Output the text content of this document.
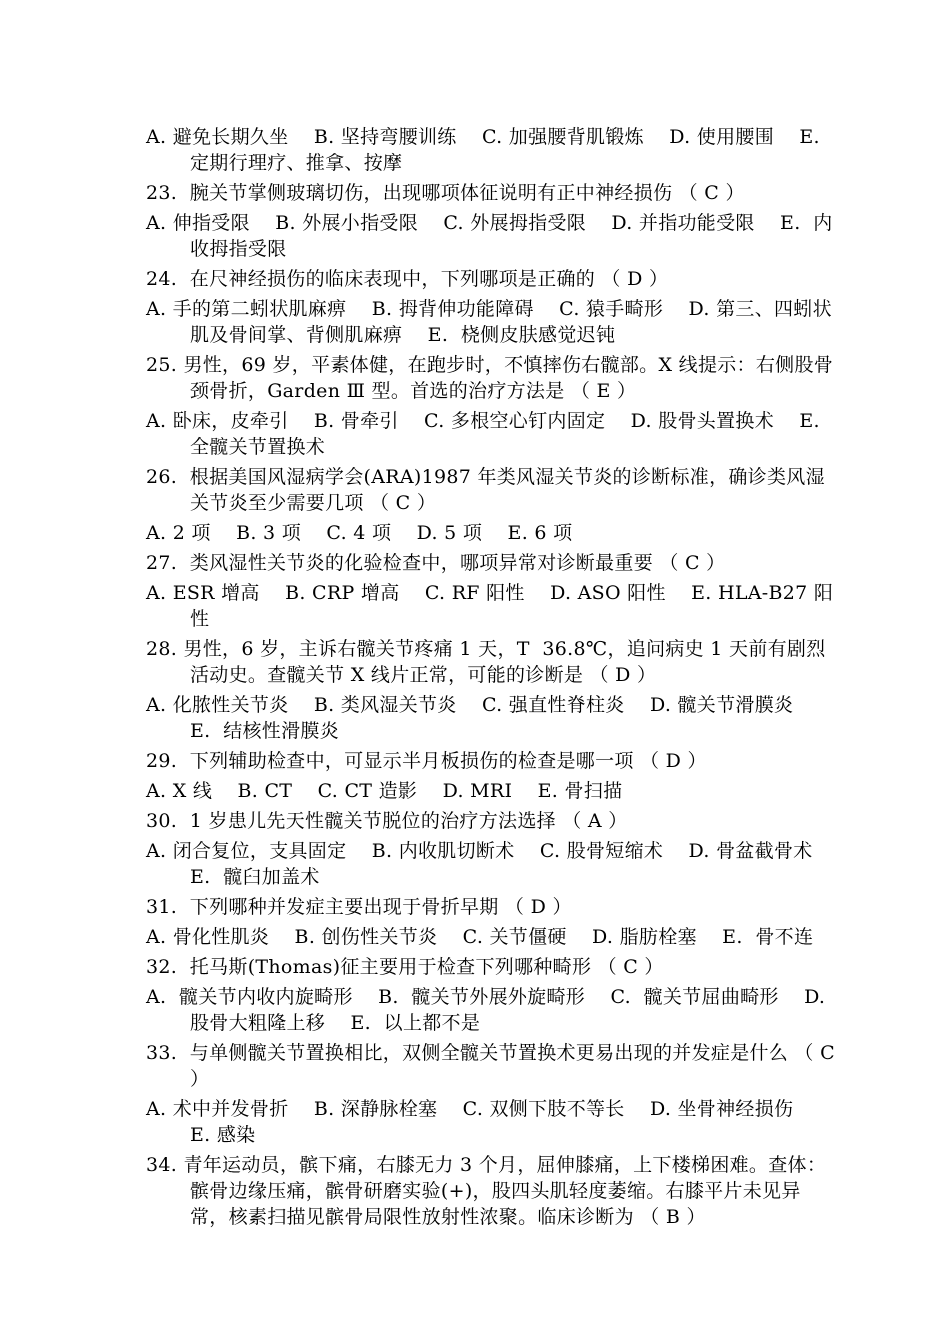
A. 避免长期久坐    B. 坚持弯腰训练    C. 加强腰背肌锻炼    D. 使用腰围    E. 定期行理疗、推拿、按摩
23.  腕关节掌侧玻璃切伤，出现哪项体征说明有正中神经损伤 （ C ）
A. 伸指受限    B. 外展小指受限    C. 外展拇指受限    D. 并指功能受限    E.  内收拇指受限
24.  在尺神经损伤的临床表现中，下列哪项是正确的 （ D ）
A. 手的第二蚓状肌麻痹    B. 拇背伸功能障碍    C. 猿手畸形    D. 第三、四蚓状肌及骨间掌、背侧肌麻痹    E.  桡侧皮肤感觉迟钝
25. 男性，69 岁，平素体健，在跑步时，不慎摔伤右髋部。X 线提示：右侧股骨颈骨折，Garden Ⅲ 型。首选的治疗方法是 （ E ）
A. 卧床，皮牵引    B. 骨牵引    C. 多根空心钉内固定    D. 股骨头置换术    E.  全髋关节置换术
26.  根据美国风湿病学会(ARA)1987 年类风湿关节炎的诊断标准，确诊类风湿关节炎至少需要几项 （ C ）
A. 2 项    B. 3 项    C. 4 项    D. 5 项    E. 6 项
27.  类风湿性关节炎的化验检查中，哪项异常对诊断最重要 （ C ）
A. ESR 增高    B. CRP 增高    C. RF 阳性    D. ASO 阳性    E. HLA-B27 阳性
28. 男性，6 岁，主诉右髋关节疼痛 1 天，T  36.8℃，追问病史 1 天前有剧烈活动史。查髋关节 X 线片正常，可能的诊断是 （ D ）
A. 化脓性关节炎    B. 类风湿关节炎    C. 强直性脊柱炎    D. 髋关节滑膜炎    E.  结核性滑膜炎
29.  下列辅助检查中，可显示半月板损伤的检查是哪一项 （ D ）
A. X 线    B. CT    C. CT 造影    D. MRI    E. 骨扫描
30.  1 岁患儿先天性髋关节脱位的治疗方法选择 （ A ）
A. 闭合复位，支具固定    B. 内收肌切断术    C. 股骨短缩术    D. 骨盆截骨术    E.  髋臼加盖术
31.  下列哪种并发症主要出现于骨折早期 （ D ）
A. 骨化性肌炎    B. 创伤性关节炎    C. 关节僵硬    D. 脂肪栓塞    E.  骨不连
32.  托马斯(Thomas)征主要用于检查下列哪种畸形 （ C ）
A.  髋关节内收内旋畸形    B.  髋关节外展外旋畸形    C.  髋关节屈曲畸形    D.  股骨大粗隆上移    E.  以上都不是
33.  与单侧髋关节置换相比，双侧全髋关节置换术更易出现的并发症是什么 （ C ）
A. 术中并发骨折    B. 深静脉栓塞    C. 双侧下肢不等长    D. 坐骨神经损伤    E. 感染
34. 青年运动员，髌下痛，右膝无力 3 个月，屈伸膝痛，上下楼梯困难。查体：髌骨边缘压痛，髌骨研磨实验(+)，股四头肌轻度萎缩。右膝平片未见异常，核素扫描见髌骨局限性放射性浓聚。临床诊断为 （ B ）
